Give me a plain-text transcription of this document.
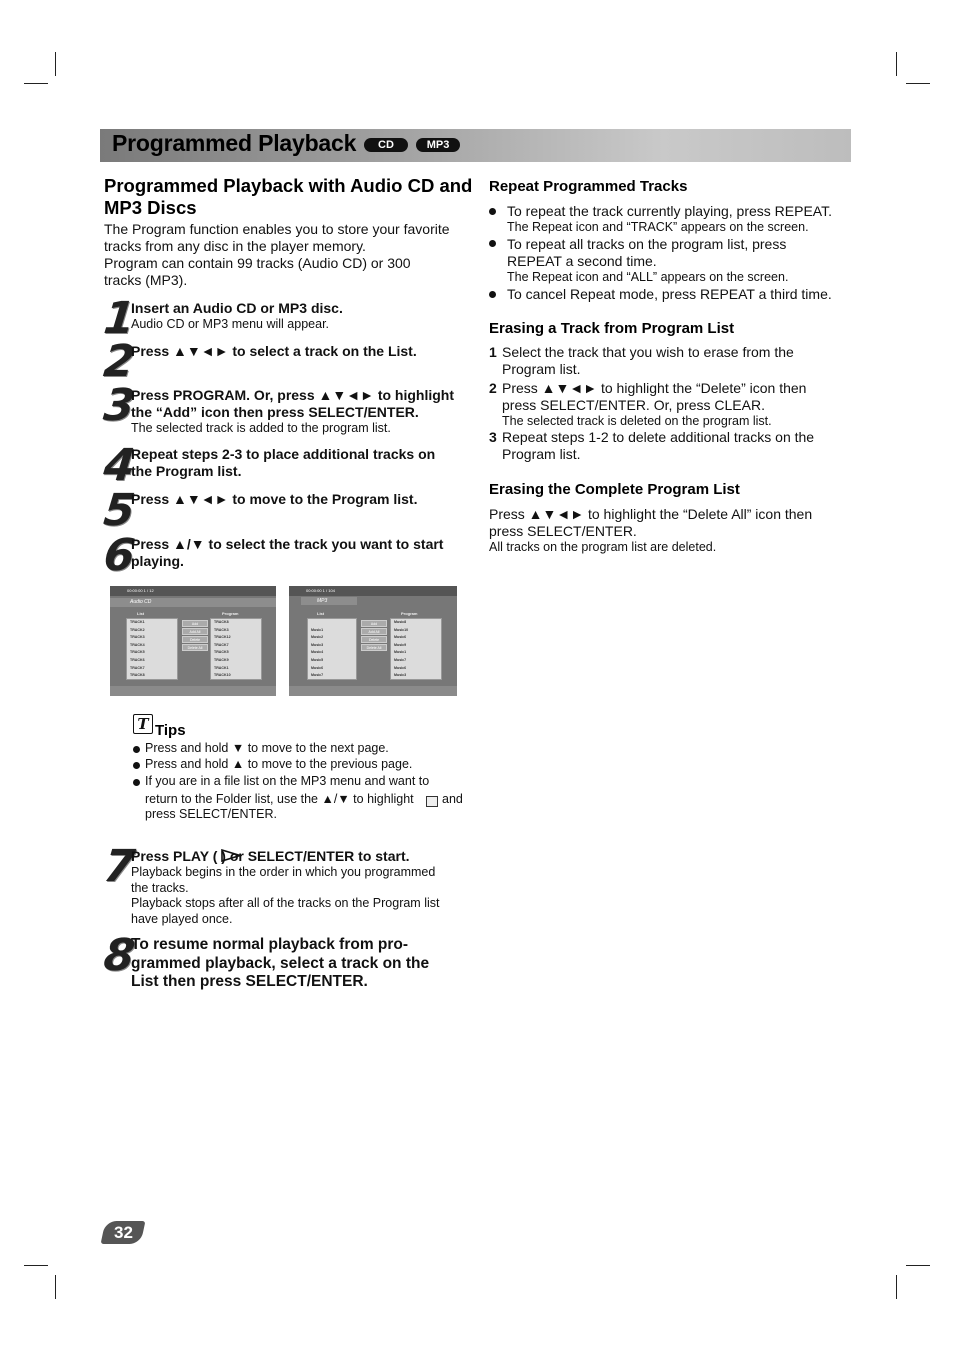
Programmed Playback	CD	MP3
Programmed Playback with Audio CD and MP3 Discs
The Program function enables you to store your favorite
tracks from any disc in the player memory.
Program can contain 99 tracks (Audio CD) or 300
tracks (MP3).
1
Insert an Audio CD or MP3 disc.
Audio CD or MP3 menu will appear.
2
Press ▲▼◄► to select a track on the List.
3
Press PROGRAM. Or, press ▲▼◄► to highlight
the “Add” icon then press SELECT/ENTER.
The selected track is added to the program list.
4
Repeat steps 2-3 to place additional tracks on
the Program list.
5
Press ▲▼◄► to move to the Program list.
6
Press ▲/▼ to select the track you want to start
playing.
00:00:00 1 / 12
Audio CD
List	Program
TRACK1
TRACK2
TRACK3
TRACK4
TRACK5
TRACK6
TRACK7
TRACK8
Add
Add All
Delete
Delete All
TRACK8
TRACK3
TRACK12
TRACK7
TRACK5
TRACK9
TRACK1
TRACK10
00:00:00 1 / 104
MP3
List	Program
Music1
Music2
Music3
Music4
Music5
Music6
Music7
Add
Add All
Delete
Delete All
Music8
Music10
Music6
Music9
Music1
Music7
Music6
Music3
T Tips
Press and hold ▼ to move to the next page.
Press and hold ▲ to move to the previous page.
If you are in a file list on the MP3 menu and want to
return to the Folder list, use the ▲/▼ to highlight and
press SELECT/ENTER.
7
Press PLAY ( ) or SELECT/ENTER to start.
Playback begins in the order in which you programmed
the tracks.
Playback stops after all of the tracks on the Program list
have played once.
8
To resume normal playback from pro-
grammed playback, select a track on the
List then press SELECT/ENTER.
Repeat Programmed Tracks
To repeat the track currently playing, press REPEAT.
The Repeat icon and “TRACK” appears on the screen.
To repeat all tracks on the program list, press
REPEAT a second time.
The Repeat icon and “ALL” appears on the screen.
To cancel Repeat mode, press REPEAT a third time.
Erasing a Track from Program List
1 Select the track that you wish to erase from the
Program list.
2 Press ▲▼◄► to highlight the “Delete” icon then
press SELECT/ENTER. Or, press CLEAR.
The selected track is deleted on the program list.
3 Repeat steps 1-2 to delete additional tracks on the
Program list.
Erasing the Complete Program List
Press ▲▼◄► to highlight the “Delete All” icon then
press SELECT/ENTER.
All tracks on the program list are deleted.
32
